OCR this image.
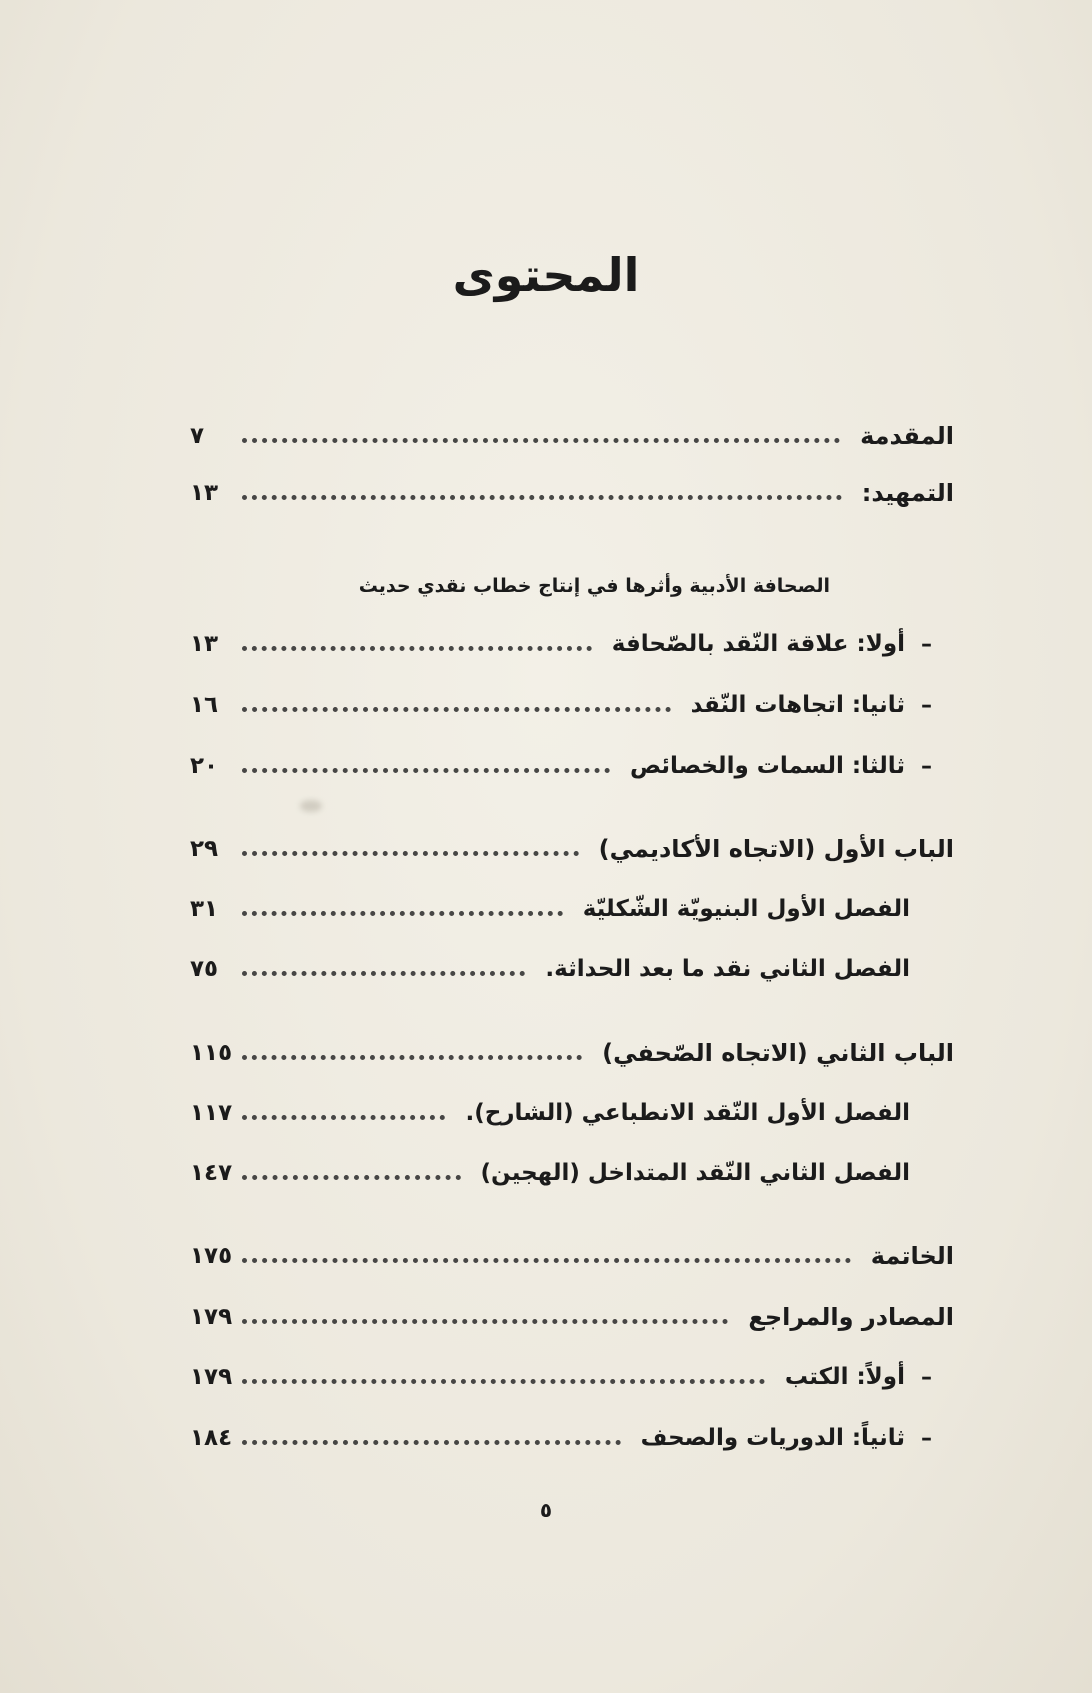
المحتوى
المقدمة
٧
التمهيد:
١٣
الصحافة الأدبية وأثرها في إنتاج خطاب نقدي حديث
–
أولا: علاقة النّقد بالصّحافة
١٣
–
ثانيا: اتجاهات النّقد
١٦
–
ثالثا: السمات والخصائص
٢٠
الباب الأول (الاتجاه الأكاديمي)
٢٩
الفصل الأول البنيويّة الشّكليّة
٣١
الفصل الثاني نقد ما بعد الحداثة.
٧٥
الباب الثاني (الاتجاه الصّحفي)
١١٥
الفصل الأول النّقد الانطباعي (الشارح).
١١٧
الفصل الثاني النّقد المتداخل (الهجين)
١٤٧
الخاتمة
١٧٥
المصادر والمراجع
١٧٩
–
أولاً: الكتب
١٧٩
–
ثانياً: الدوريات والصحف
١٨٤
٥
